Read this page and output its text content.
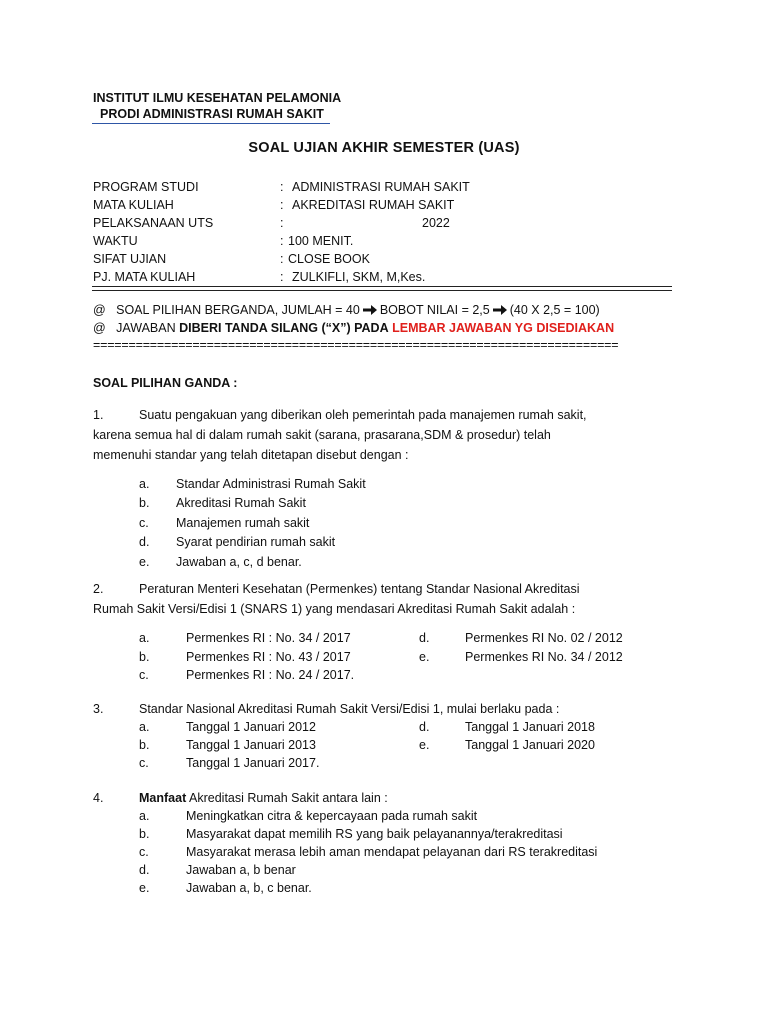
INSTITUT ILMU KESEHATAN PELAMONIA
PRODI ADMINISTRASI RUMAH SAKIT
SOAL UJIAN AKHIR SEMESTER (UAS)
PROGRAM STUDI	: ADMINISTRASI RUMAH SAKIT
MATA KULIAH	: AKREDITASI RUMAH SAKIT
PELAKSANAAN UTS	:	2022
WAKTU	: 100 MENIT.
SIFAT UJIAN	: CLOSE BOOK
PJ. MATA KULIAH	: ZULKIFLI, SKM, M,Kes.
@ SOAL PILIHAN BERGANDA, JUMLAH = 40 BOBOT NILAI = 2,5 (40 X 2,5 = 100)
@ JAWABAN DIBERI TANDA SILANG (“X”) PADA LEMBAR JAWABAN YG DISEDIAKAN
==========================================================================
SOAL PILIHAN GANDA :
1.	Suatu pengakuan yang diberikan oleh pemerintah pada manajemen rumah sakit,
karena semua hal di dalam rumah sakit (sarana, prasarana,SDM & prosedur) telah
memenuhi standar yang telah ditetapan disebut dengan :
a. Standar Administrasi Rumah Sakit
b. Akreditasi Rumah Sakit
c. Manajemen rumah sakit
d. Syarat pendirian rumah sakit
e. Jawaban a, c, d benar.
2.	Peraturan Menteri Kesehatan (Permenkes) tentang Standar Nasional Akreditasi
Rumah Sakit Versi/Edisi 1 (SNARS 1) yang mendasari Akreditasi Rumah Sakit adalah :
a.	Permenkes RI : No. 34 / 2017
b.	Permenkes RI : No. 43 / 2017
c.	Permenkes RI : No. 24 / 2017.
d.	Permenkes RI No. 02 / 2012
e.	Permenkes RI No. 34 / 2012
3.	Standar Nasional Akreditasi Rumah Sakit Versi/Edisi 1, mulai berlaku pada :
a.	Tanggal 1 Januari 2012
b.	Tanggal 1 Januari 2013
c.	Tanggal 1 Januari 2017.
d.	Tanggal 1 Januari 2018
e.	Tanggal 1 Januari 2020
4.	Manfaat Akreditasi Rumah Sakit antara lain :
a.	Meningkatkan citra & kepercayaan pada rumah sakit
b.	Masyarakat dapat memilih RS yang baik pelayanannya/terakreditasi
c.	Masyarakat merasa lebih aman mendapat pelayanan dari RS terakreditasi
d.	Jawaban a, b benar
e.	Jawaban a, b, c benar.
